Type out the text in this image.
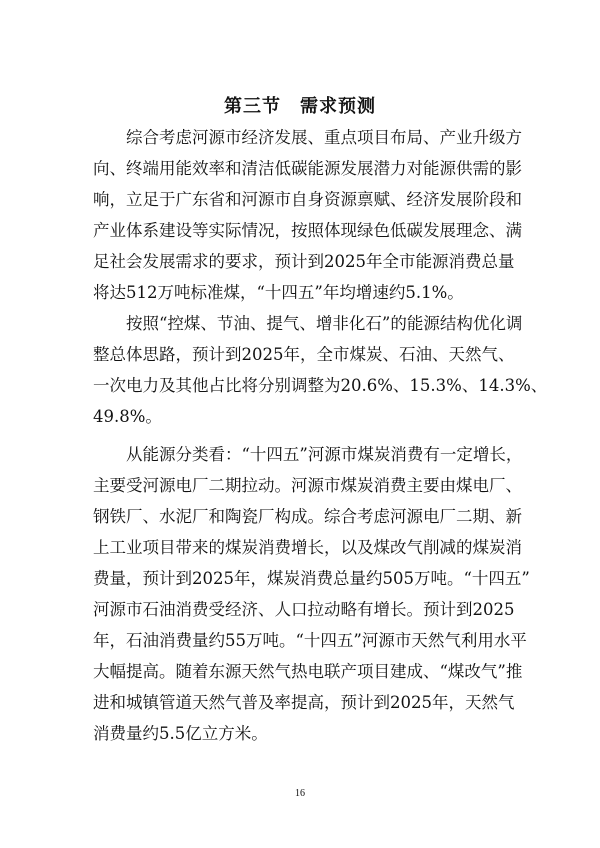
第三节　需求预测
　　综合考虑河源市经济发展、重点项目布局、产业升级方
向、终端用能效率和清洁低碳能源发展潜力对能源供需的影
响，立足于广东省和河源市自身资源禀赋、经济发展阶段和
产业体系建设等实际情况，按照体现绿色低碳发展理念、满
足社会发展需求的要求，预计到2025年全市能源消费总量
将达512万吨标准煤，“十四五”年均增速约5.1%。
　　按照“控煤、节油、提气、增非化石”的能源结构优化调
整总体思路，预计到2025年，全市煤炭、石油、天然气、
一次电力及其他占比将分别调整为20.6%、15.3%、14.3%、
49.8%。
　　从能源分类看：“十四五”河源市煤炭消费有一定增长，
主要受河源电厂二期拉动。河源市煤炭消费主要由煤电厂、
钢铁厂、水泥厂和陶瓷厂构成。综合考虑河源电厂二期、新
上工业项目带来的煤炭消费增长，以及煤改气削减的煤炭消
费量，预计到2025年，煤炭消费总量约505万吨。“十四五”
河源市石油消费受经济、人口拉动略有增长。预计到2025
年，石油消费量约55万吨。“十四五”河源市天然气利用水平
大幅提高。随着东源天然气热电联产项目建成、“煤改气”推
进和城镇管道天然气普及率提高，预计到2025年，天然气
消费量约5.5亿立方米。
16
